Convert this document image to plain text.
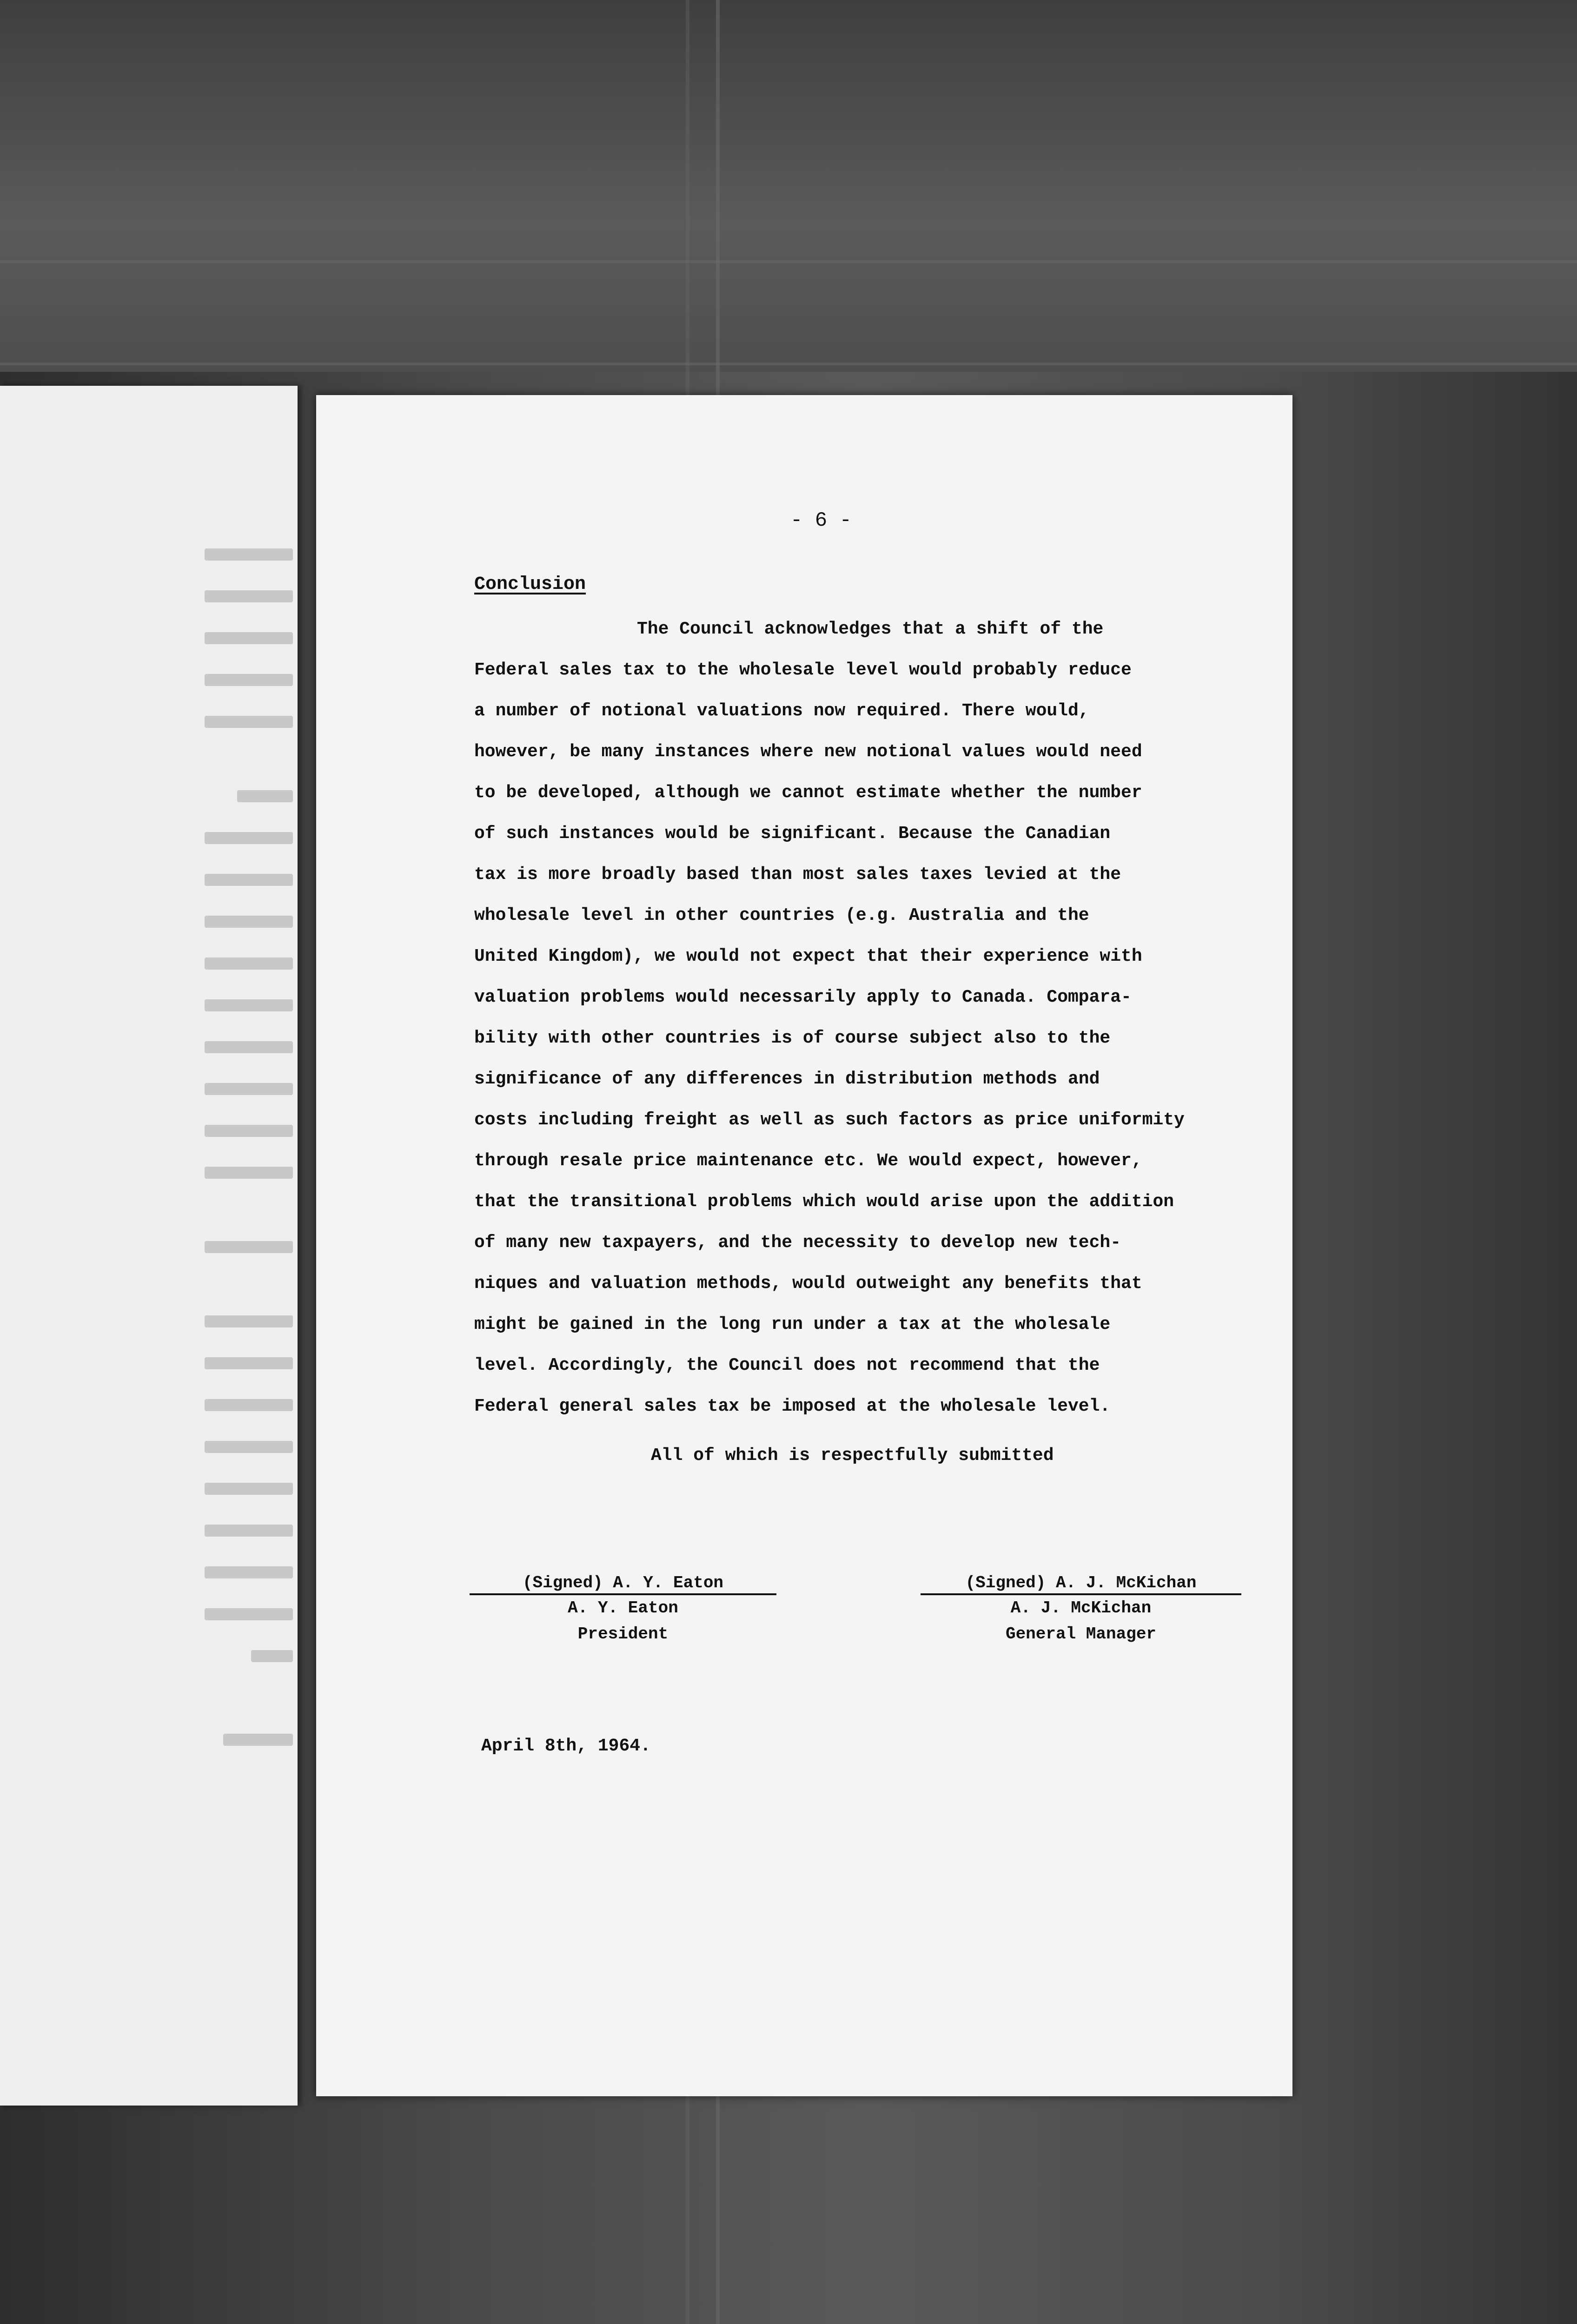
- 6 -
Conclusion
The Council acknowledges that a shift of the
Federal sales tax to the wholesale level would probably reduce
a number of notional valuations now required. There would,
however, be many instances where new notional values would need
to be developed, although we cannot estimate whether the number
of such instances would be significant. Because the Canadian
tax is more broadly based than most sales taxes levied at the
wholesale level in other countries (e.g. Australia and the
United Kingdom), we would not expect that their experience with
valuation problems would necessarily apply to Canada. Compara-
bility with other countries is of course subject also to the
significance of any differences in distribution methods and
costs including freight as well as such factors as price uniformity
through resale price maintenance etc. We would expect, however,
that the transitional problems which would arise upon the addition
of many new taxpayers, and the necessity to develop new tech-
niques and valuation methods, would outweight any benefits that
might be gained in the long run under a tax at the wholesale
level. Accordingly, the Council does not recommend that the
Federal general sales tax be imposed at the wholesale level.
All of which is respectfully submitted
(Signed) A. Y. Eaton
A. Y. Eaton
President
(Signed) A. J. McKichan
A. J. McKichan
General Manager
April 8th, 1964.
